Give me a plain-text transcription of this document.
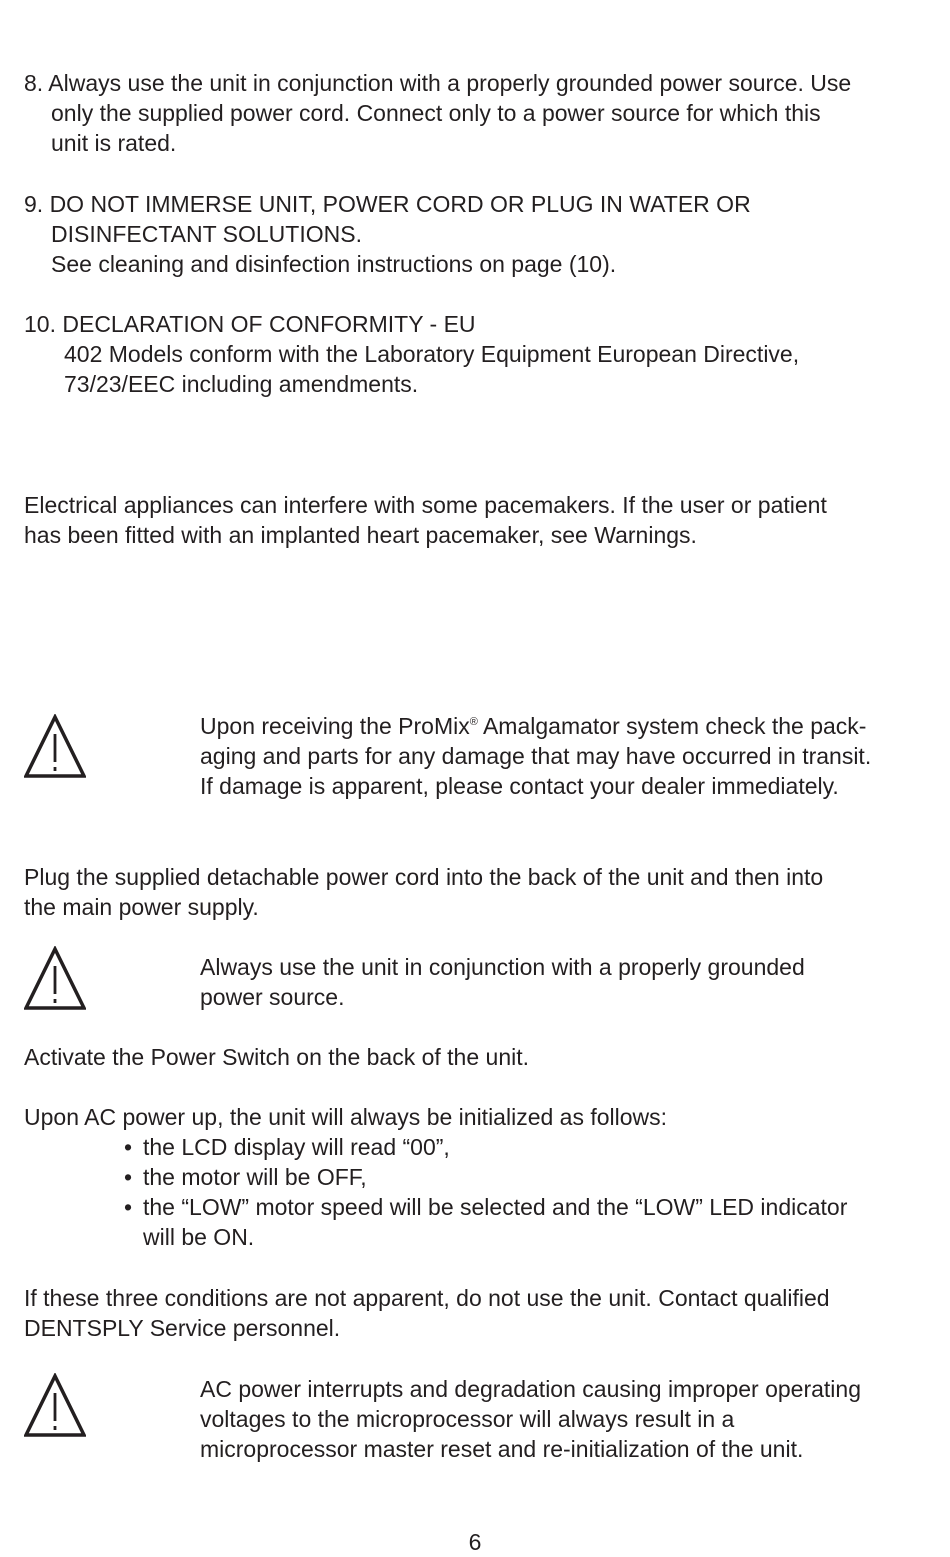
8. Always use the unit in conjunction with a properly grounded power source. Use
only the supplied power cord. Connect only to a power source for which this
unit is rated.
9. DO NOT IMMERSE UNIT, POWER CORD OR PLUG IN WATER OR
DISINFECTANT SOLUTIONS.
See cleaning and disinfection instructions on page (10).
10. DECLARATION OF CONFORMITY - EU
402 Models conform with the Laboratory Equipment European Directive,
73/23/EEC including amendments.
Electrical appliances can interfere with some pacemakers. If the user or patient
has been fitted with an implanted heart pacemaker, see Warnings.
Upon receiving the ProMix® Amalgamator system check the pack-
aging and parts for any damage that may have occurred in transit.
If damage is apparent, please contact your dealer immediately.
Plug the supplied detachable power cord into the back of the unit and then into
the main power supply.
Always use the unit in conjunction with a properly grounded
power source.
Activate the Power Switch on the back of the unit.
Upon AC power up, the unit will always be initialized as follows:
• the LCD display will read “00”,
• the motor will be OFF,
• the “LOW” motor speed will be selected and the “LOW” LED indicator
will be ON.
If these three conditions are not apparent, do not use the unit. Contact qualified
DENTSPLY Service personnel.
AC power interrupts and degradation causing improper operating
voltages to the microprocessor will always result in a
microprocessor master reset and re-initialization of the unit.
6
